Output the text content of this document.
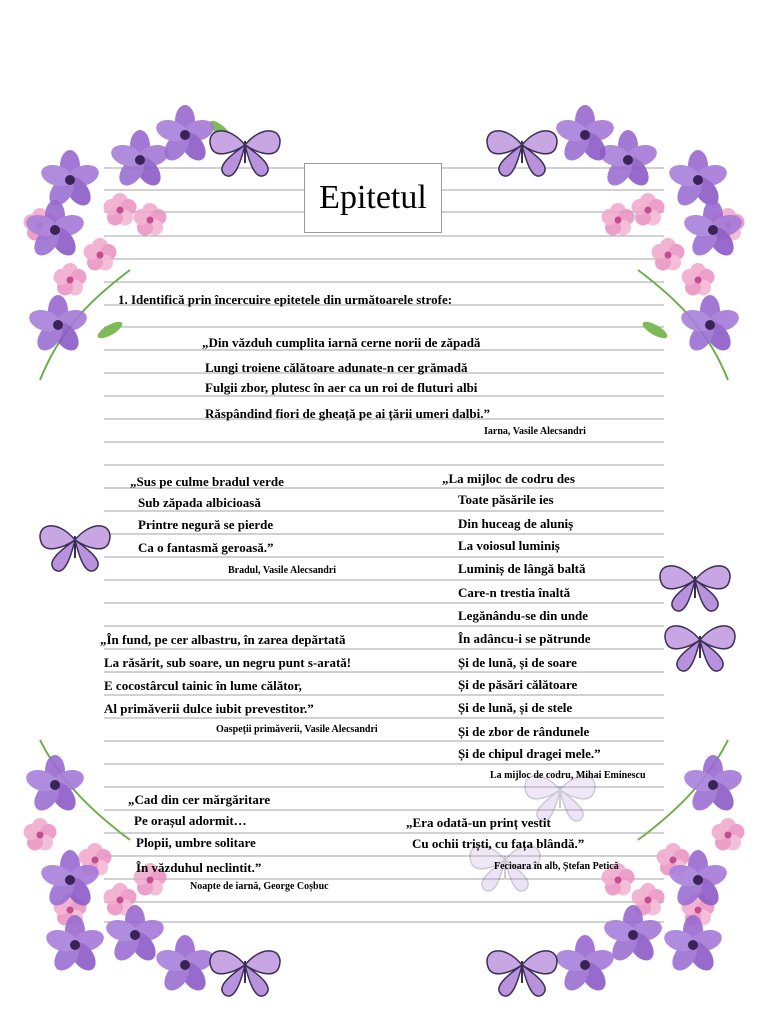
Epitetul
1. Identifică prin încercuire epitetele din următoarele strofe:
„Din văzduh cumplita iarnă cerne norii de zăpadă
Lungi troiene călătoare adunate-n cer grămadă
Fulgii zbor, plutesc în aer ca un roi de fluturi albi
Răspândind fiori de gheață pe ai țării umeri dalbi.”
Iarna, Vasile Alecsandri
„Sus pe culme bradul verde
Sub zăpada albicioasă
Printre negură se pierde
Ca o fantasmă geroasă.”
Bradul, Vasile Alecsandri
„La mijloc de codru des
Toate păsările ies
Din huceag de aluniș
La voiosul luminiș
Luminiș de lângă baltă
Care-n trestia înaltă
Legănându-se din unde
În adâncu-i se pătrunde
Și de lună, și de soare
Și de păsări călătoare
Și de lună, și de stele
Și de zbor de rândunele
Și de chipul dragei mele.”
La mijloc de codru, Mihai Eminescu
„În fund, pe cer albastru, în zarea depărtată
La răsărit, sub soare, un negru punt s-arată!
E cocostârcul tainic în lume călător,
Al primăverii dulce iubit prevestitor.”
Oaspeții primăverii, Vasile Alecsandri
„Cad din cer mărgăritare
Pe orașul adormit…
Plopii, umbre solitare
În văzduhul neclintit.”
Noapte de iarnă, George Coșbuc
„Era odată-un prinț vestit
Cu ochii triști, cu fața blândă.”
Fecioara în alb, Ștefan Petică
